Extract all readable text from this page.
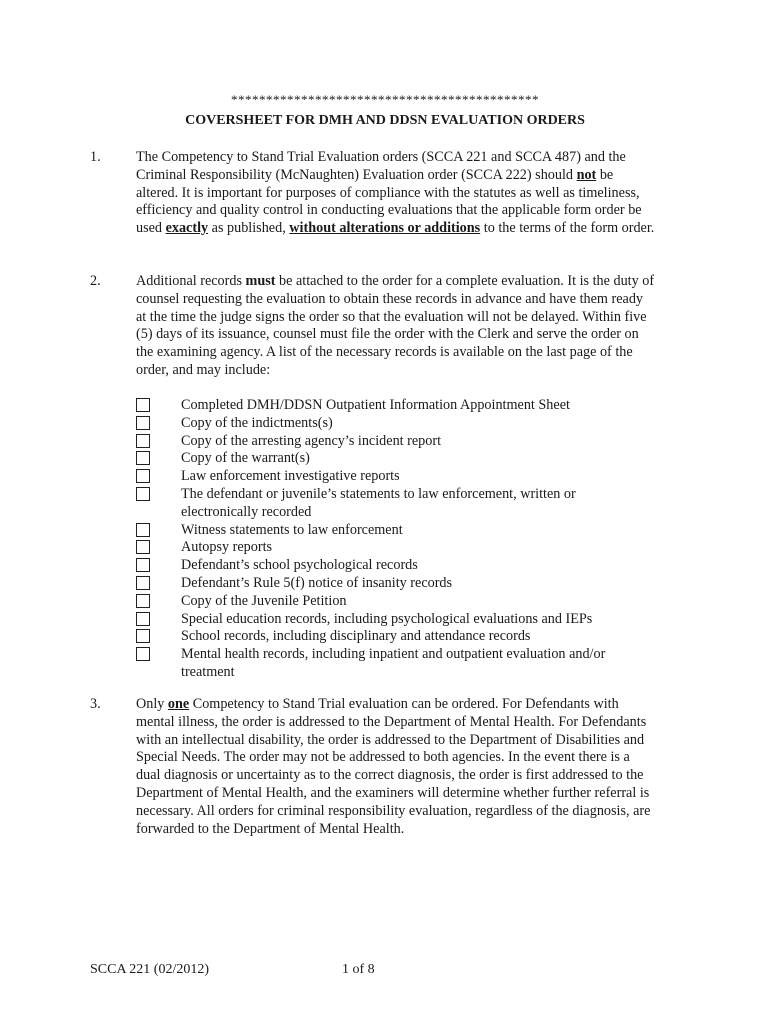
********************************************
COVERSHEET FOR DMH AND DDSN EVALUATION ORDERS
1.	The Competency to Stand Trial Evaluation orders (SCCA 221 and SCCA 487) and the Criminal Responsibility (McNaughten) Evaluation order (SCCA 222) should not be altered. It is important for purposes of compliance with the statutes as well as timeliness, efficiency and quality control in conducting evaluations that the applicable form order be used exactly as published, without alterations or additions to the terms of the form order.

2.	Additional records must be attached to the order for a complete evaluation. It is the duty of counsel requesting the evaluation to obtain these records in advance and have them ready at the time the judge signs the order so that the evaluation will not be delayed. Within five (5) days of its issuance, counsel must file the order with the Clerk and serve the order on the examining agency. A list of the necessary records is available on the last page of the order, and may include:

Completed DMH/DDSN Outpatient Information Appointment Sheet
Copy of the indictments(s)
Copy of the arresting agency’s incident report
Copy of the warrant(s)
Law enforcement investigative reports
The defendant or juvenile’s statements to law enforcement, written or electronically recorded
Witness statements to law enforcement
Autopsy reports
Defendant’s school psychological records
Defendant’s Rule 5(f) notice of insanity records
Copy of the Juvenile Petition
Special education records, including psychological evaluations and IEPs
School records, including disciplinary and attendance records
Mental health records, including inpatient and outpatient evaluation and/or treatment
3.	Only one Competency to Stand Trial evaluation can be ordered. For Defendants with mental illness, the order is addressed to the Department of Mental Health. For Defendants with an intellectual disability, the order is addressed to the Department of Disabilities and Special Needs. The order may not be addressed to both agencies. In the event there is a dual diagnosis or uncertainty as to the correct diagnosis, the order is first addressed to the Department of Mental Health, and the examiners will determine whether further referral is necessary. All orders for criminal responsibility evaluation, regardless of the diagnosis, are forwarded to the Department of Mental Health.

SCCA 221 (02/2012)	1 of 8
